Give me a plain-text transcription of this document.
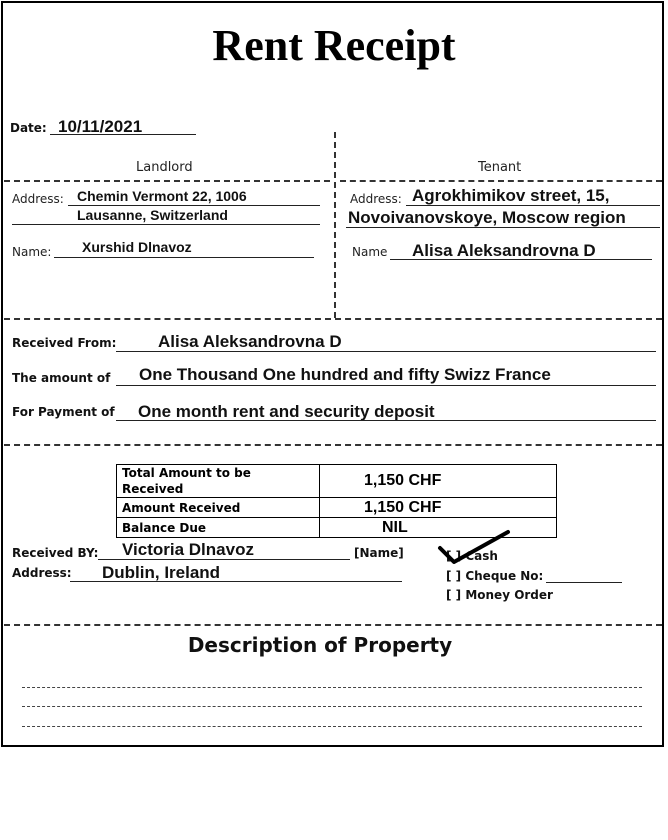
Rent Receipt
Date: 10/11/2021
Landlord	Tenant
Address: Chemin Vermont 22, 1006
Lausanne, Switzerland
Name: Xurshid Dlnavoz
Address: Agrokhimikov street, 15,
Novoivanovskoye, Moscow region
Name Alisa Aleksandrovna D
Received From: Alisa Aleksandrovna D
The amount of One Thousand One hundred and fifty Swizz France
For Payment of One month rent and security deposit
Total Amount to be Received	1,150 CHF
Amount Received	1,150 CHF
Balance Due	NIL
Received BY: Victoria Dlnavoz	[Name]
Address: Dublin, Ireland
[ ] Cash
[ ] Cheque No:
[ ] Money Order
Description of Property
